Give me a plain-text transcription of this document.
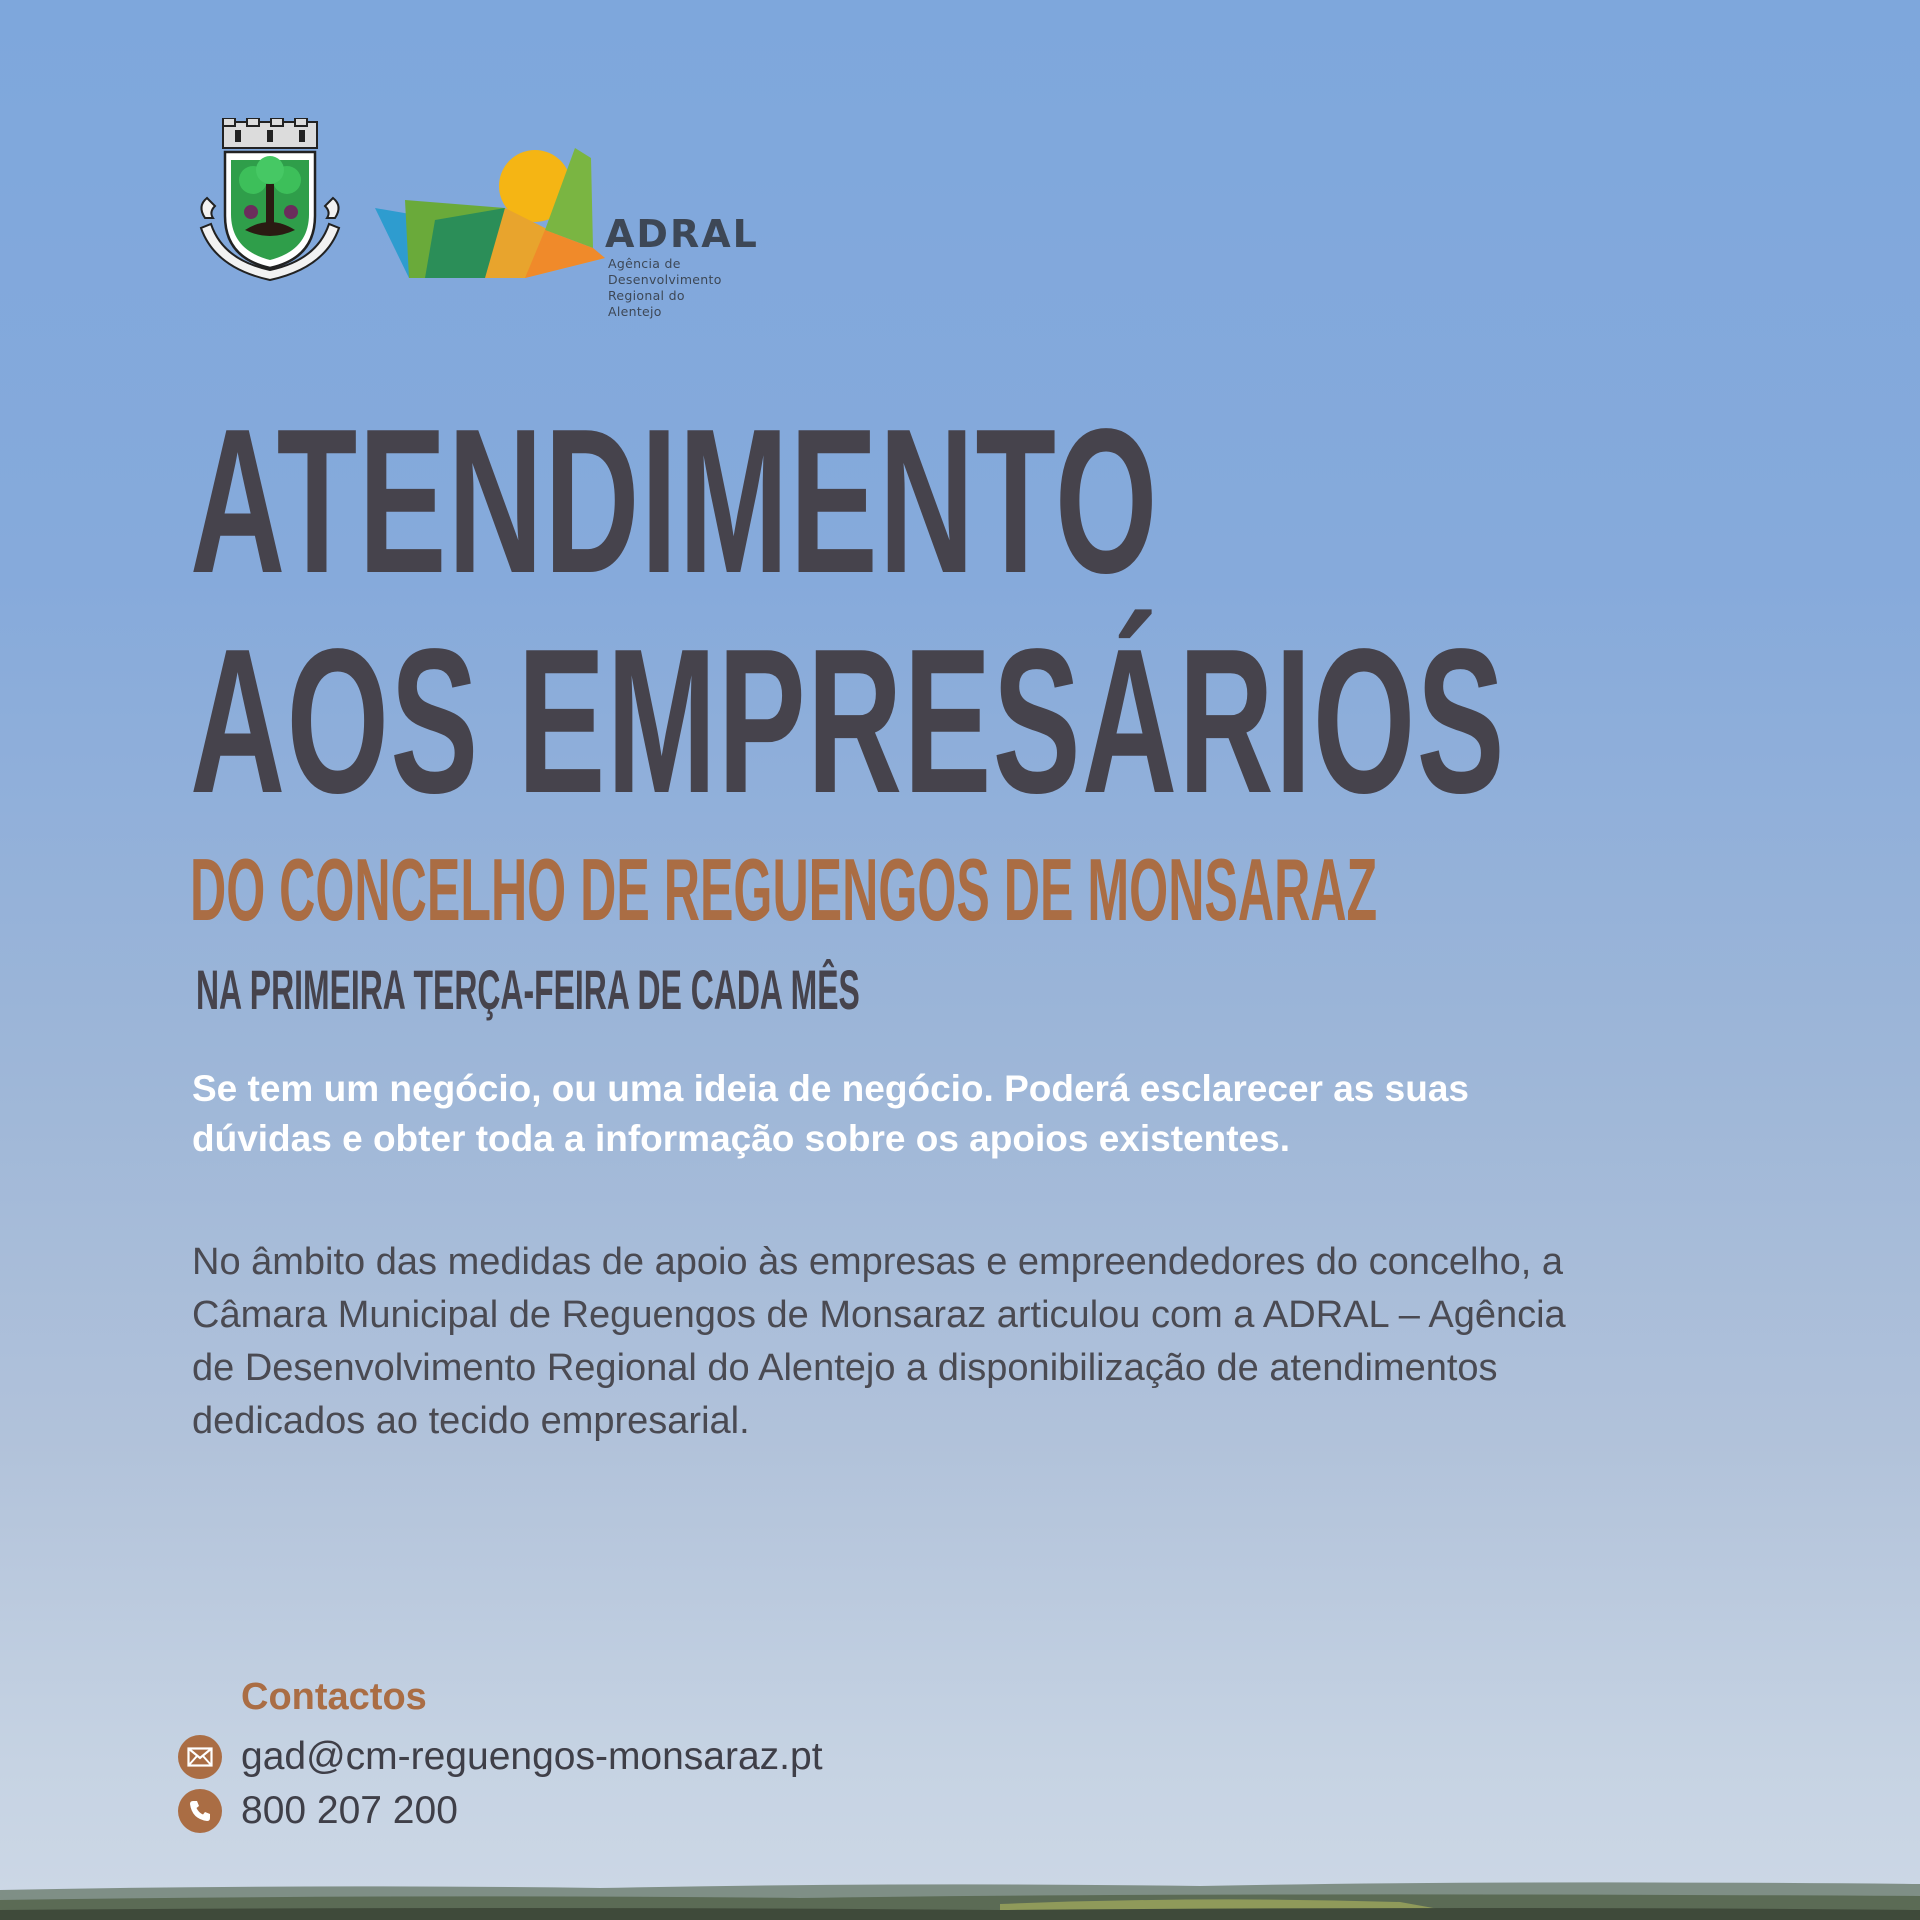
ADRAL
Agência de Desenvolvimento
Regional do Alentejo
ATENDIMENTO
AOS EMPRESÁRIOS
DO CONCELHO DE REGUENGOS DE MONSARAZ
NA PRIMEIRA TERÇA-FEIRA DE CADA MÊS

Se tem um negócio, ou uma ideia de negócio. Poderá esclarecer as suas dúvidas e obter toda a informação sobre os apoios existentes.

No âmbito das medidas de apoio às empresas e empreendedores do concelho, a Câmara Municipal de Reguengos de Monsaraz articulou com a ADRAL – Agência de Desenvolvimento Regional do Alentejo a disponibilização de atendimentos dedicados ao tecido empresarial.

Contactos
gad@cm-reguengos-monsaraz.pt
800 207 200
